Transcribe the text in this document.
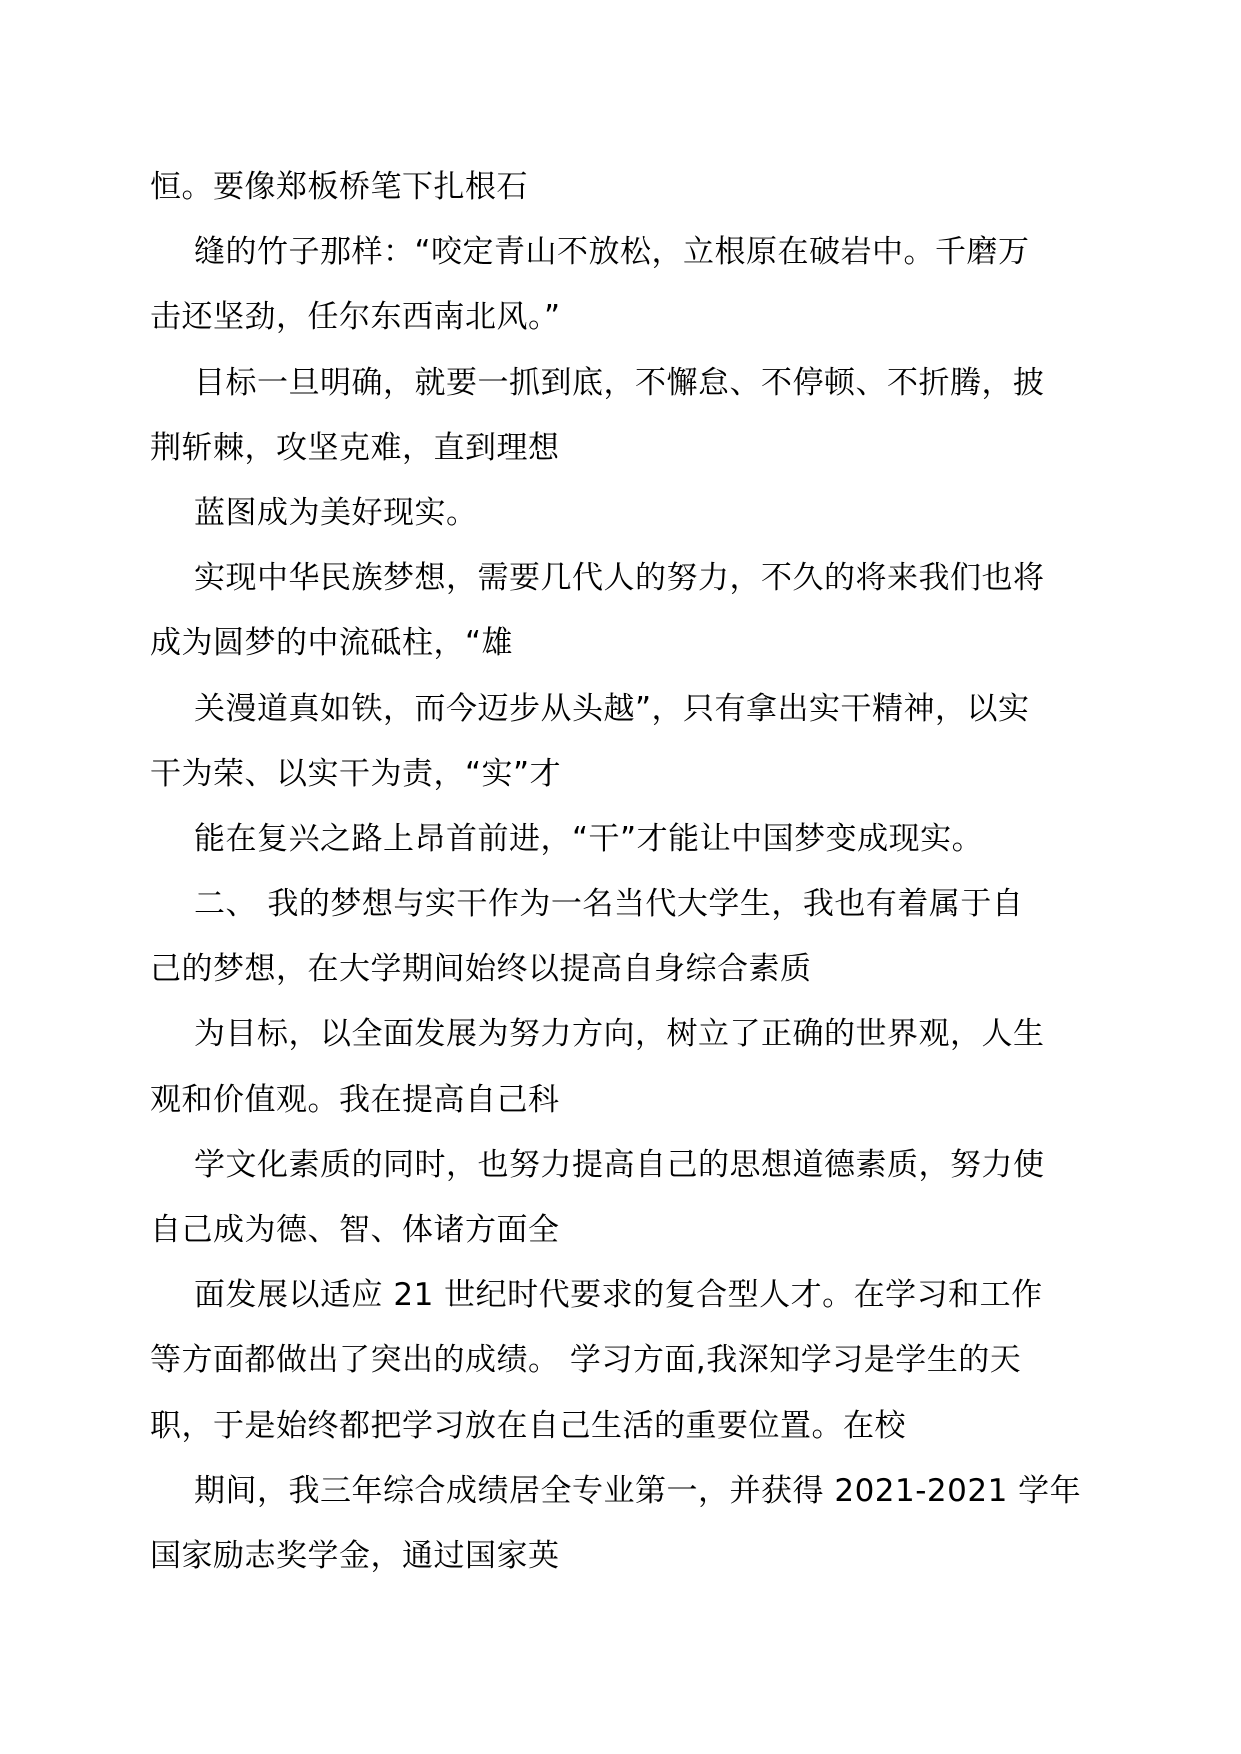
恒。要像郑板桥笔下扎根石
缝的竹子那样：“咬定青山不放松，立根原在破岩中。千磨万
击还坚劲，任尔东西南北风。”
目标一旦明确，就要一抓到底，不懈怠、不停顿、不折腾，披
荆斩棘，攻坚克难，直到理想
蓝图成为美好现实。
实现中华民族梦想，需要几代人的努力，不久的将来我们也将
成为圆梦的中流砥柱，“雄
关漫道真如铁，而今迈步从头越”，只有拿出实干精神，以实
干为荣、以实干为责，“实”才
能在复兴之路上昂首前进，“干”才能让中国梦变成现实。
二、 我的梦想与实干作为一名当代大学生，我也有着属于自
己的梦想，在大学期间始终以提高自身综合素质
为目标，以全面发展为努力方向，树立了正确的世界观，人生
观和价值观。我在提高自己科
学文化素质的同时，也努力提高自己的思想道德素质，努力使
自己成为德、智、体诸方面全
面发展以适应 21 世纪时代要求的复合型人才。在学习和工作
等方面都做出了突出的成绩。 学习方面,我深知学习是学生的天
职，于是始终都把学习放在自己生活的重要位置。在校
期间，我三年综合成绩居全专业第一，并获得 2021-2021 学年
国家励志奖学金，通过国家英
